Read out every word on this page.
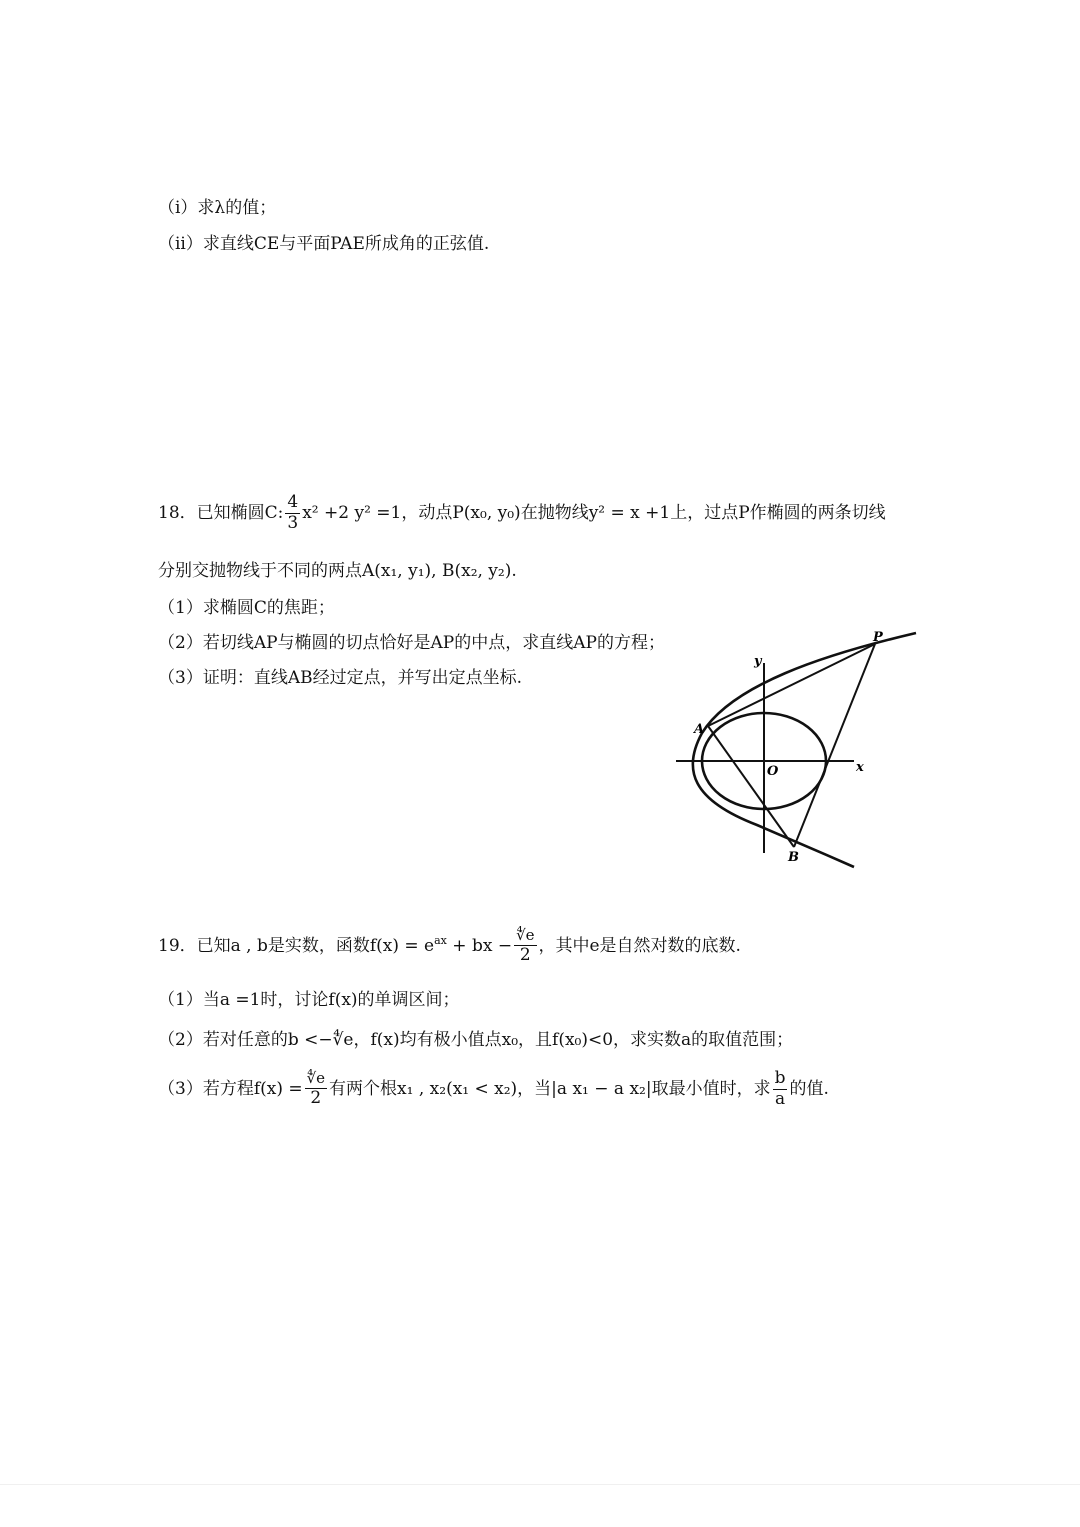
（i）求λ的值；
（ii）求直线CE与平面PAE所成角的正弦值.
18．已知椭圆C: $\frac{4}{3} x^2 +2$ y² =1，动点P(x₀, y₀)在抛物线y² = x +1上，过点P作椭圆的两条切线
分别交抛物线于不同的两点A(x₁, y₁), B(x₂, y₂).
（1）求椭圆C的焦距；
（2）若切线AP与椭圆的切点恰好是AP的中点，求直线AP的方程；
（3）证明：直线AB经过定点，并写出定点坐标.
P
A
B
O	x
y
19．已知a , b是实数，函数$f(x) = e^{ax}$ + bx − $\frac{∜e}{2}$ ，其中e是自然对数的底数.
（1）当a =1时，讨论f(x)的单调区间；
（2）若对任意的b <−∜e，f(x)均有极小值点x₀，且f(x₀)<0，求实数a的取值范围；
（3）若方程$f(x) = \frac{∜e}{2}$ 有两个根x₁ , x₂(x₁ < x₂)，当|a x₁ − a x₂|取最小值时，求 $\frac{b}{a}$ 的值.
